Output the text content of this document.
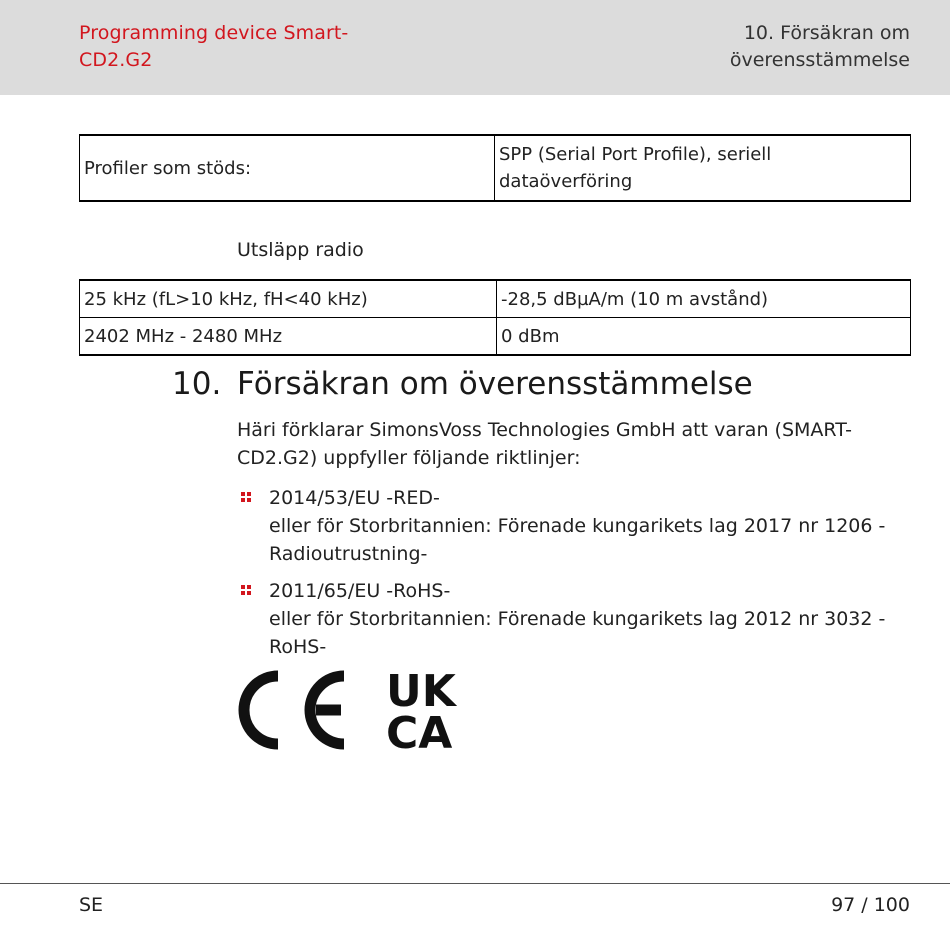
Programming device Smart-CD2.G2
10. Försäkran om överensstämmelse
Profiler som stöds:	SPP (Serial Port Profile), seriell dataöverföring
Utsläpp radio
25 kHz (fL>10 kHz, fH<40 kHz)	-28,5 dBµA/m (10 m avstånd)
2402 MHz - 2480 MHz	0 dBm
10. Försäkran om överensstämmelse
Häri förklarar SimonsVoss Technologies GmbH att varan (SMART-CD2.G2) uppfyller följande riktlinjer:
2014/53/EU -RED-
eller för Storbritannien: Förenade kungarikets lag 2017 nr 1206 -Radioutrustning-
2011/65/EU -RoHS-
eller för Storbritannien: Förenade kungarikets lag 2012 nr 3032 -RoHS-
UK
CA
SE	97 / 100
